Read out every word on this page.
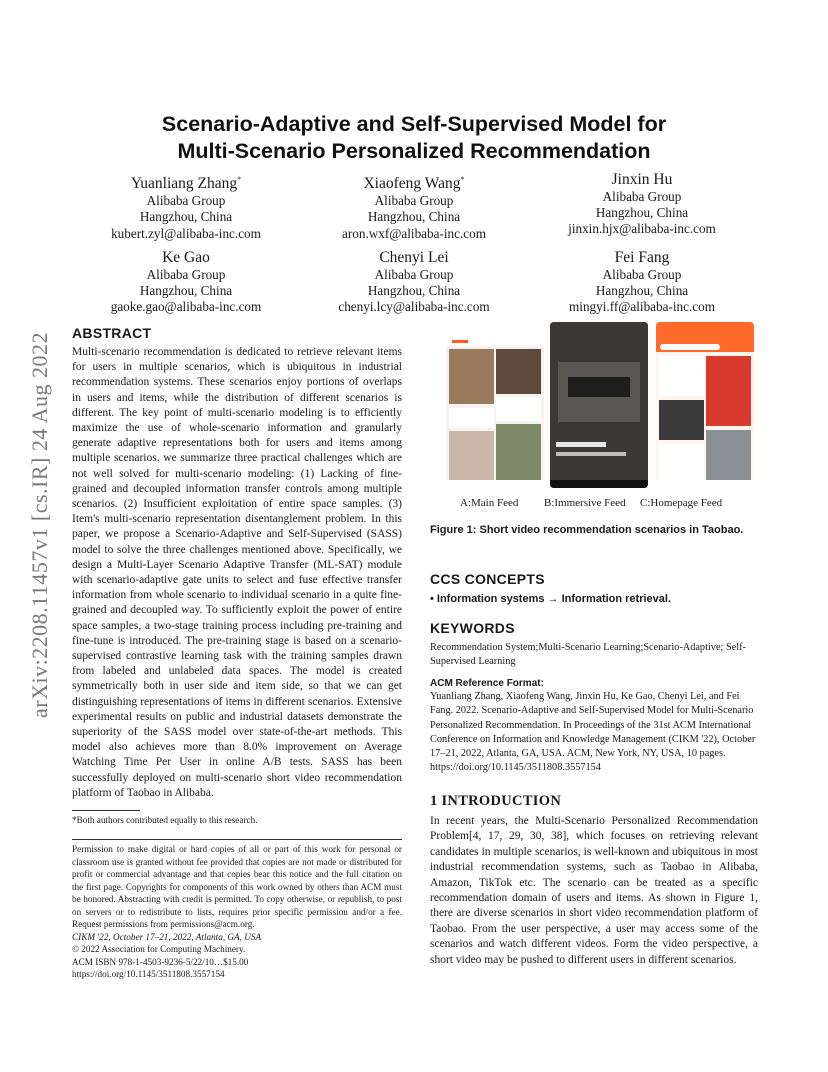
arXiv:2208.11457v1 [cs.IR] 24 Aug 2022
Scenario-Adaptive and Self-Supervised Model for
Multi-Scenario Personalized Recommendation
Yuanliang Zhang*
Alibaba Group
Hangzhou, China
kubert.zyl@alibaba-inc.com
Xiaofeng Wang*
Alibaba Group
Hangzhou, China
aron.wxf@alibaba-inc.com
Jinxin Hu
Alibaba Group
Hangzhou, China
jinxin.hjx@alibaba-inc.com
Ke Gao
Alibaba Group
Hangzhou, China
gaoke.gao@alibaba-inc.com
Chenyi Lei
Alibaba Group
Hangzhou, China
chenyi.lcy@alibaba-inc.com
Fei Fang
Alibaba Group
Hangzhou, China
mingyi.ff@alibaba-inc.com
ABSTRACT

Multi-scenario recommendation is dedicated to retrieve relevant items for users in multiple scenarios, which is ubiquitous in industrial recommendation systems. These scenarios enjoy portions of overlaps in users and items, while the distribution of different scenarios is different. The key point of multi-scenario modeling is to efficiently maximize the use of whole-scenario information and granularly generate adaptive representations both for users and items among multiple scenarios. we summarize three practical challenges which are not well solved for multi-scenario modeling: (1) Lacking of fine-grained and decoupled information transfer controls among multiple scenarios. (2) Insufficient exploitation of entire space samples. (3) Item's multi-scenario representation disentanglement problem. In this paper, we propose a Scenario-Adaptive and Self-Supervised (SASS) model to solve the three challenges mentioned above. Specifically, we design a Multi-Layer Scenario Adaptive Transfer (ML-SAT) module with scenario-adaptive gate units to select and fuse effective transfer information from whole scenario to individual scenario in a quite fine-grained and decoupled way. To sufficiently exploit the power of entire space samples, a two-stage training process including pre-training and fine-tune is introduced. The pre-training stage is based on a scenario-supervised contrastive learning task with the training samples drawn from labeled and unlabeled data spaces. The model is created symmetrically both in user side and item side, so that we can get distinguishing representations of items in different scenarios. Extensive experimental results on public and industrial datasets demonstrate the superiority of the SASS model over state-of-the-art methods. This model also achieves more than 8.0% improvement on Average Watching Time Per User in online A/B tests. SASS has been successfully deployed on multi-scenario short video recommendation platform of Taobao in Alibaba.

*Both authors contributed equally to this research.
Permission to make digital or hard copies of all or part of this work for personal or classroom use is granted without fee provided that copies are not made or distributed for profit or commercial advantage and that copies bear this notice and the full citation on the first page. Copyrights for components of this work owned by others than ACM must be honored. Abstracting with credit is permitted. To copy otherwise, or republish, to post on servers or to redistribute to lists, requires prior specific permission and/or a fee. Request permissions from permissions@acm.org.
CIKM '22, October 17–21, 2022, Atlanta, GA, USA
© 2022 Association for Computing Machinery.
ACM ISBN 978-1-4503-9236-5/22/10…$15.00
https://doi.org/10.1145/3511808.3557154
A:Main Feed B:Immersive Feed C:Homepage Feed
Figure 1: Short video recommendation scenarios in Taobao.
CCS CONCEPTS

• Information systems → Information retrieval.

KEYWORDS

Recommendation System;Multi-Scenario Learning;Scenario-Adaptive; Self-Supervised Learning

ACM Reference Format:

Yuanliang Zhang, Xiaofeng Wang, Jinxin Hu, Ke Gao, Chenyi Lei, and Fei Fang. 2022. Scenario-Adaptive and Self-Supervised Model for Multi-Scenario Personalized Recommendation. In Proceedings of the 31st ACM International Conference on Information and Knowledge Management (CIKM '22), October 17–21, 2022, Atlanta, GA, USA. ACM, New York, NY, USA, 10 pages. https://doi.org/10.1145/3511808.3557154

1 INTRODUCTION

In recent years, the Multi-Scenario Personalized Recommendation Problem[4, 17, 29, 30, 38], which focuses on retrieving relevant candidates in multiple scenarios, is well-known and ubiquitous in most industrial recommendation systems, such as Taobao in Alibaba, Amazon, TikTok etc. The scenario can be treated as a specific recommendation domain of users and items. As shown in Figure 1, there are diverse scenarios in short video recommendation platform of Taobao. From the user perspective, a user may access some of the scenarios and watch different videos. Form the video perspective, a short video may be pushed to different users in different scenarios.
